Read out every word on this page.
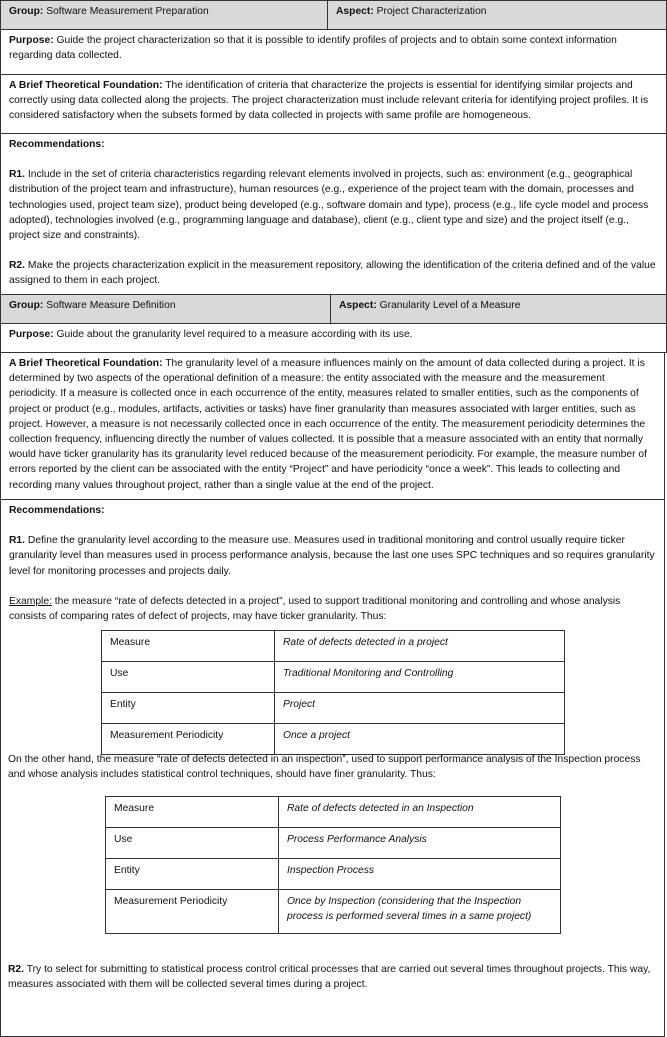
Group: Software Measurement Preparation	Aspect: Project Characterization
Purpose: Guide the project characterization so that it is possible to identify profiles of projects and to obtain some context information regarding data collected.
A Brief Theoretical Foundation: The identification of criteria that characterize the projects is essential for identifying similar projects and correctly using data collected along the projects. The project characterization must include relevant criteria for identifying project profiles. It is considered satisfactory when the subsets formed by data collected in projects with same profile are homogeneous.

Recommendations:

R1. Include in the set of criteria characteristics regarding relevant elements involved in projects, such as: environment (e.g., geographical distribution of the project team and infrastructure), human resources (e.g., experience of the project team with the domain, processes and technologies used, project team size), product being developed (e.g., software domain and type), process (e.g., life cycle model and process adopted), technologies involved (e.g., programming language and database), client (e.g., client type and size) and the project itself (e.g., project size and constraints).

R2. Make the projects characterization explicit in the measurement repository, allowing the identification of the criteria defined and of the value assigned to them in each project.

Group: Software Measure Definition	Aspect: Granularity Level of a Measure
Purpose: Guide about the granularity level required to a measure according with its use.
A Brief Theoretical Foundation: The granularity level of a measure influences mainly on the amount of data collected during a project. It is determined by two aspects of the operational definition of a measure: the entity associated with the measure and the measurement periodicity. If a measure is collected once in each occurrence of the entity, measures related to smaller entities, such as the components of project or product (e.g., modules, artifacts, activities or tasks) have finer granularity than measures associated with larger entities, such as project. However, a measure is not necessarily collected once in each occurrence of the entity. The measurement periodicity determines the collection frequency, influencing directly the number of values collected. It is possible that a measure associated with an entity that normally would have ticker granularity has its granularity level reduced because of the measurement periodicity. For example, the measure number of errors reported by the client can be associated with the entity “Project” and have periodicity “once a week”. This leads to collecting and recording many values throughout project, rather than a single value at the end of the project.

Recommendations:

R1. Define the granularity level according to the measure use. Measures used in traditional monitoring and control usually require ticker granularity level than measures used in process performance analysis, because the last one uses SPC techniques and so requires granularity level for monitoring processes and projects daily.

Example: the measure “rate of defects detected in a project”, used to support traditional monitoring and controlling and whose analysis consists of comparing rates of defect of projects, may have ticker granularity. Thus:

Measure	Rate of defects detected in a project
Use	Traditional Monitoring and Controlling
Entity	Project
Measurement Periodicity	Once a project

On the other hand, the measure “rate of defects detected in an inspection”, used to support performance analysis of the Inspection process and whose analysis includes statistical control techniques, should have finer granularity. Thus:

Measure	Rate of defects detected in an Inspection
Use	Process Performance Analysis
Entity	Inspection Process
Measurement Periodicity	Once by Inspection (considering that the Inspection process is performed several times in a same project)

R2. Try to select for submitting to statistical process control critical processes that are carried out several times throughout projects. This way, measures associated with them will be collected several times during a project.
